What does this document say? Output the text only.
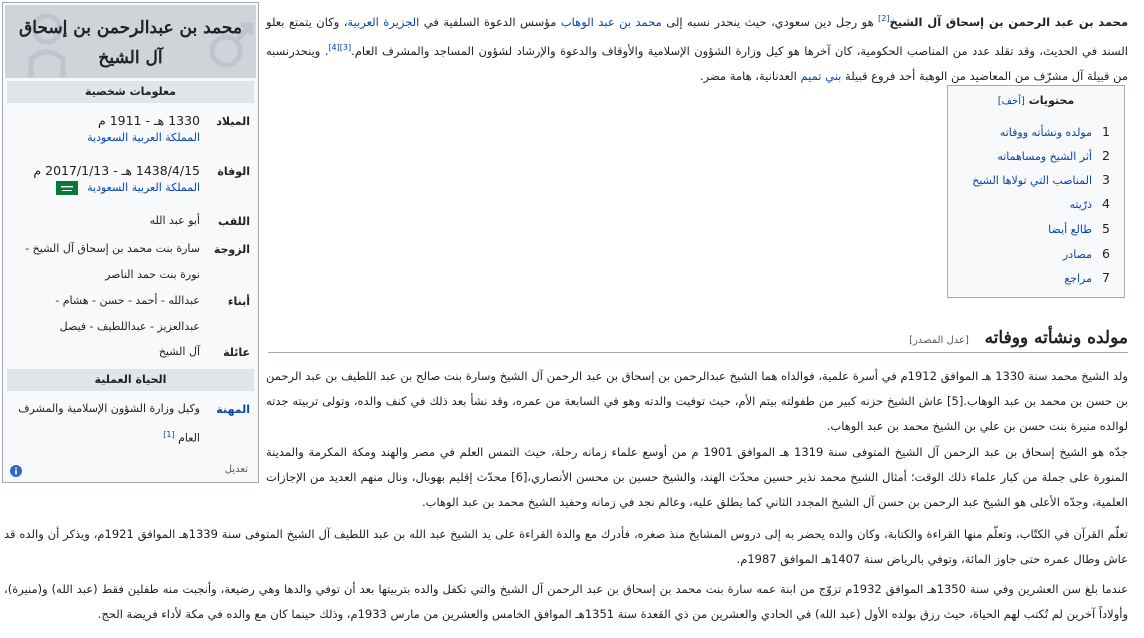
محمد بن عبدالرحمن بن إسحاق آل الشيخ
معلومات شخصية
الميلاد
1330 هـ - 1911 م
المملكة العربية السعودية
الوفاة
1438/4/15 هـ - 2017/1/13 م
المملكة العربية السعودية
اللقب
أبو عبد الله
الزوجة
سارة بنت محمد بن إسحاق آل الشيخ - نورة بنت حمد الناصر
أبناء
عبدالله - أحمد - حسن - هشام - عبدالعزيز - عبداللطيف - فيصل
عائلة
آل الشيخ
الحياة العملية
المهنة
وكيل وزارة الشؤون الإسلامية والمشرف العام [1]
تعديل
محمد بن عبد الرحمن بن إسحاق آل الشيخ[2] هو رجل دين سعودي، حيث ينحدر نسبه إلى محمد بن عبد الوهاب مؤسس الدعوة السلفية في الجزيرة العربية، وكان يتمتع بعلو السند في الحديث، وقد تقلد عدد من المناصب الحكومية، كان آخرها هو كيل وزارة الشؤون الإسلامية والأوقاف والدعوة والإرشاد لشؤون المساجد والمشرف العام.[3][4]. وينحدرنسبه من قبيلة آل مشرّف من المعاضيد من الوهبة أحد فروع قبيلة بني تميم العدنانية، هامة مضر.
محتويات [أخف]
1مولده ونشأته ووفاته
2أثر الشيخ ومساهماته
3المناصب التي تولاها الشيخ
4ذرّيته
5طالع أيضا
6مصادر
7مراجع
مولده ونشأته ووفاته [عدل المصدر]
ولد الشيخ محمد سنة 1330 هـ الموافق 1912م في أسرة علمية، فوالداه هما الشيخ عبدالرحمن بن إسحاق بن عبد الرحمن آل الشيخ وسارة بنت صالح بن عبد اللطيف بن عبد الرحمن بن حسن بن محمد بن عبد الوهاب.[5] عاش الشيخ حزنه كبير من طفولته بيتم الأم، حيث توفيت والدته وهو في السابعة من عمره، وقد نشأ بعد ذلك في كنف والده، وتولى تربيته جدته لوالده منيرة بنت حسن بن علي بن الشيخ محمد بن عبد الوهاب.
جدّه هو الشيخ إسحاق بن عبد الرحمن آل الشيخ المتوفى سنة 1319 هـ الموافق 1901 م من أوسع علماء زمانه رحلة، حيث التمس العلم في مصر والهند ومكة المكرمة والمدينة المنورة على جملة من كبار علماء ذلك الوقت؛ أمثال الشيخ محمد نذير حسين محدّث الهند، والشيخ حسين بن محسن الأنصاري،[6] محدّث إقليم بهوبال، ونال منهم العديد من الإجازات العلمية، وجدّه الأعلى هو الشيخ عبد الرحمن بن حسن آل الشيخ المجدد الثاني كما يطلق عليه، وعالم نجد في زمانه وحفيد الشيخ محمد بن عبد الوهاب.
تعلّم القرآن في الكتّاب، وتعلّم منها القراءة والكتابة، وكان والده يحضر به إلى دروس المشايخ منذ صغره، فأدرك مع والدة القراءة على يد الشيخ عبد الله بن عبد اللطيف آل الشيخ المتوفى سنة 1339هـ الموافق 1921م، ويذكر أن والده قد عاش وطال عمره حتى جاوز المائة، وتوفي بالرياض سنة 1407هـ الموافق 1987م.
عندما بلغ سن العشرين وفي سنة 1350هـ الموافق 1932م تزوّج من ابنة عمه سارة بنت محمد بن إسحاق بن عبد الرحمن آل الشيخ والتي تكفل والده بتربيتها بعد أن توفي والدها وهي رضيعة، وأنجبت منه طفلين فقط (عبد الله) و(منيرة)، وأولاداً آخرين لم تُكتب لهم الحياة، حيث رزق بولده الأول (عبد الله) في الحادي والعشرين من ذي القعدة سنة 1351هـ الموافق الخامس والعشرين من مارس 1933م، وذلك حينما كان مع والده في مكة لأداء فريضة الحج.
